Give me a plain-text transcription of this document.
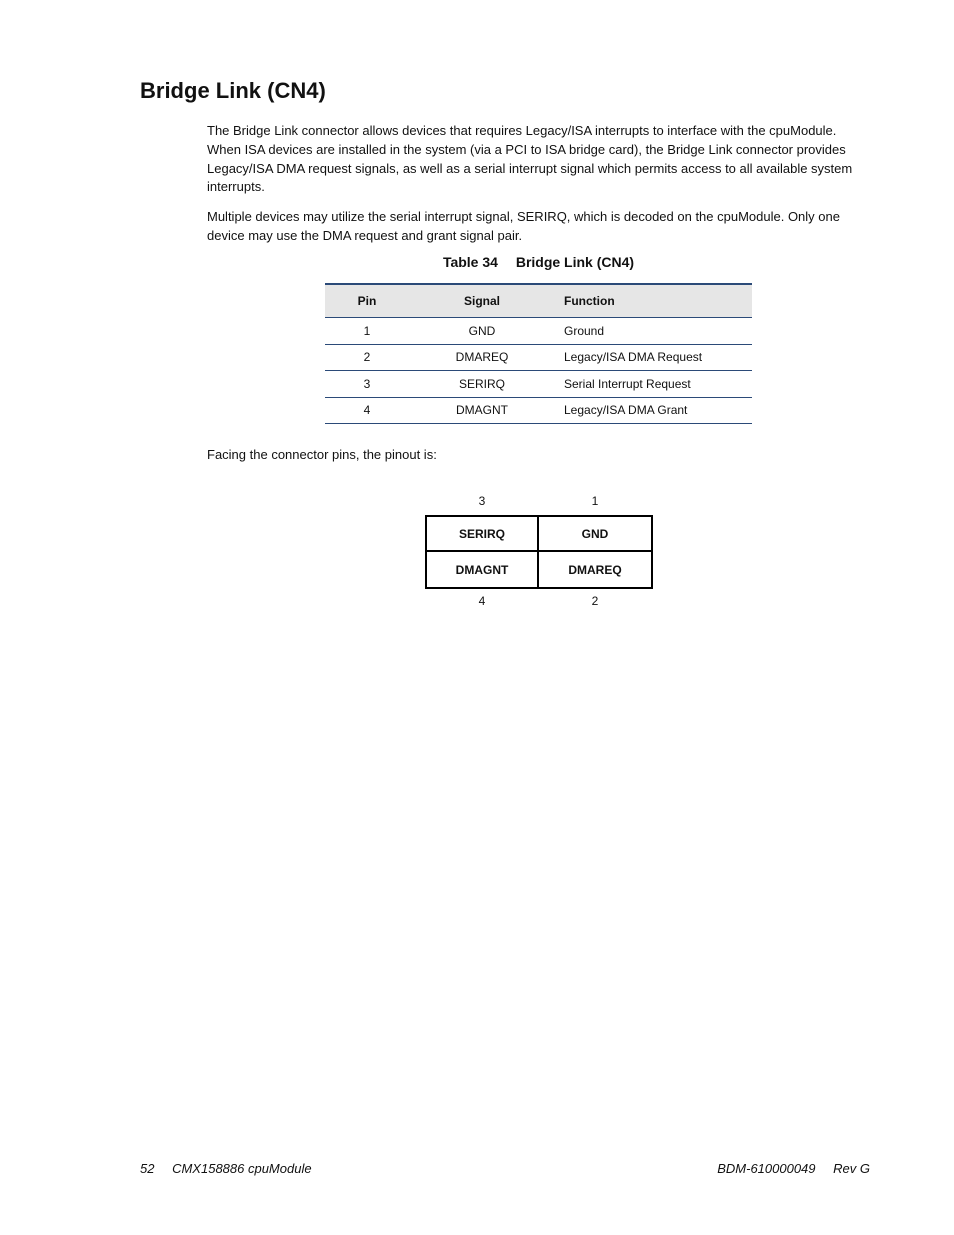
Bridge Link (CN4)

The Bridge Link connector allows devices that requires Legacy/ISA interrupts to interface with the cpuModule. When ISA devices are installed in the system (via a PCI to ISA bridge card), the Bridge Link connector provides Legacy/ISA DMA request signals, as well as a serial interrupt signal which permits access to all available system interrupts.

Multiple devices may utilize the serial interrupt signal, SERIRQ, which is decoded on the cpuModule. Only one device may use the DMA request and grant signal pair.

Table 34 Bridge Link (CN4)
Pin	Signal	Function
1	GND	Ground
2	DMAREQ	Legacy/ISA DMA Request
3	SERIRQ	Serial Interrupt Request
4	DMAGNT	Legacy/ISA DMA Grant

Facing the connector pins, the pinout is:

3	1
SERIRQ	GND
DMAGNT	DMAREQ
4	2
52 CMX158886 cpuModule	BDM-610000049 Rev G
